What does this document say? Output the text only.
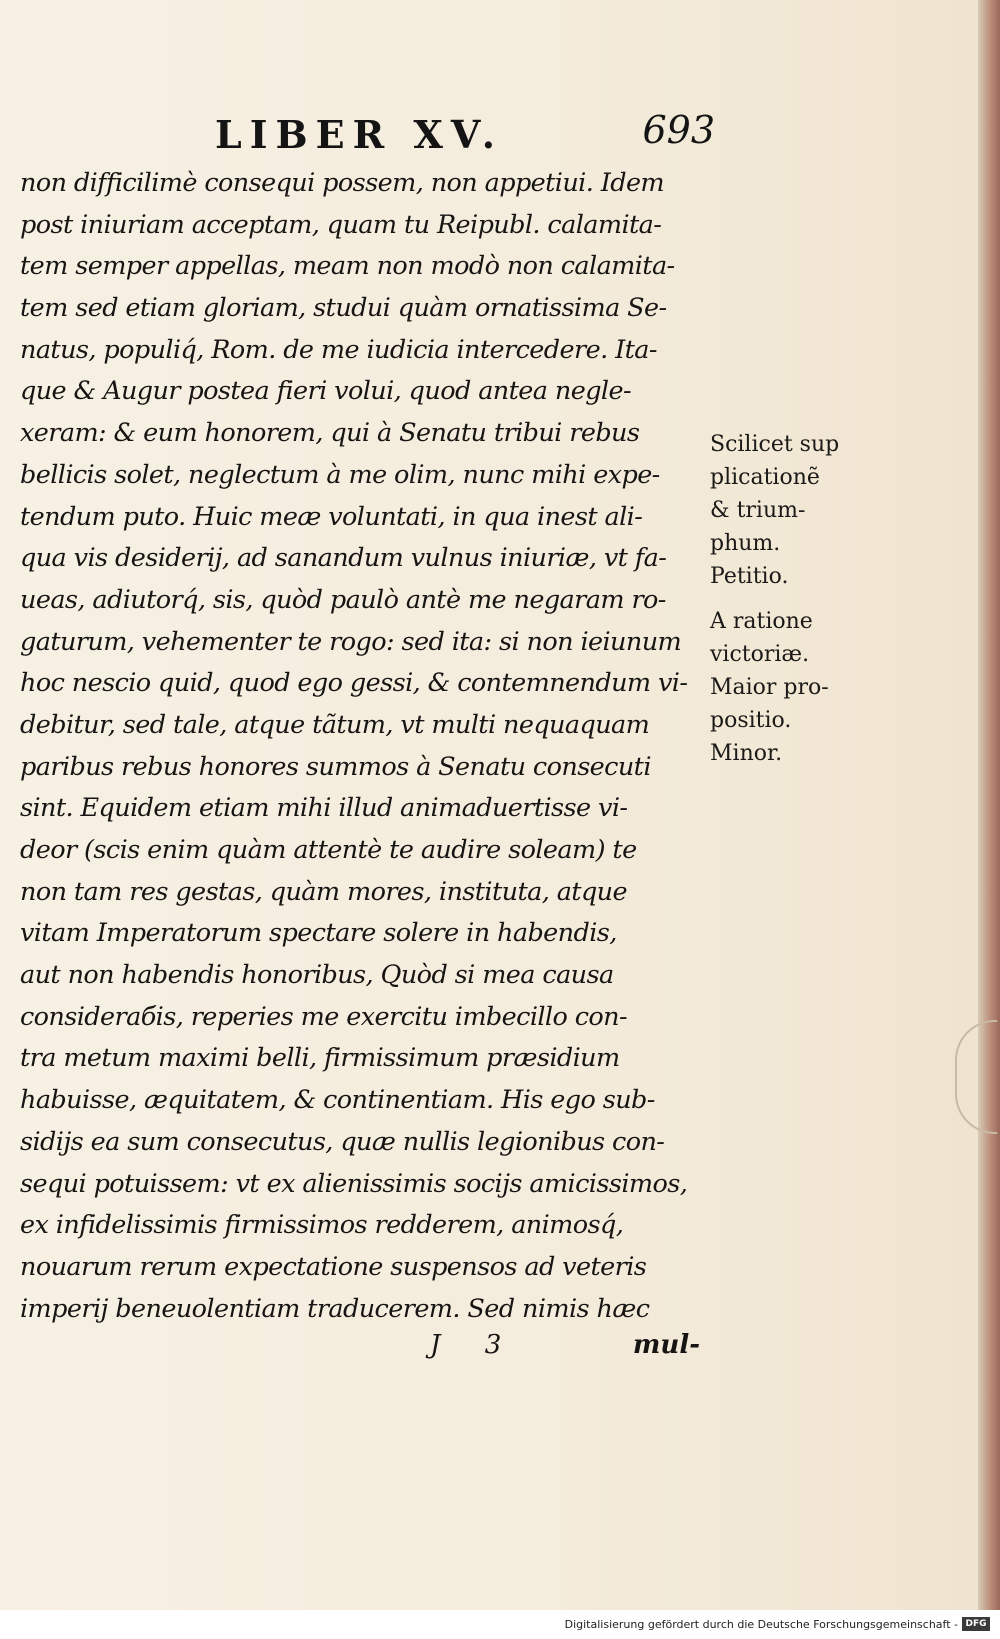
LIBER XV.	693
non difficilimè consequi possem, non appetiui. Idem
post iniuriam acceptam, quam tu Reipubl. calamita-
tem semper appellas, meam non modò non calamita-
tem sed etiam gloriam, studui quàm ornatissima Se-
natus, populiq́, Rom. de me iudicia intercedere. Ita-
que & Augur postea fieri volui, quod antea negle-
xeram: & eum honorem, qui à Senatu tribui rebus
bellicis solet, neglectum à me olim, nunc mihi expe-
tendum puto. Huic meæ voluntati, in qua inest ali-
qua vis desiderij, ad sanandum vulnus iniuriæ, vt fa-
ueas, adiutorq́, sis, quòd paulò antè me negaram ro-
gaturum, vehementer te rogo: sed ita: si non ieiunum
hoc nescio quid, quod ego gessi, & contemnendum vi-
debitur, sed tale, atque tãtum, vt multi nequaquam
paribus rebus honores summos à Senatu consecuti
sint. Equidem etiam mihi illud animaduertisse vi-
deor (scis enim quàm attentè te audire soleam) te
non tam res gestas, quàm mores, instituta, atque
vitam Imperatorum spectare solere in habendis,
aut non habendis honoribus, Quòd si mea causa
consideraбis, reperies me exercitu imbecillo con-
tra metum maximi belli, firmissimum præsidium
habuisse, æquitatem, & continentiam. His ego sub-
sidijs ea sum consecutus, quæ nullis legionibus con-
sequi potuissem: vt ex alienissimis socijs amicissimos,
ex infidelissimis firmissimos redderem, animosq́,
nouarum rerum expectatione suspensos ad veteris
imperij beneuolentiam traducerem. Sed nimis hæc
Scilicet sup
plicationẽ
& trium-
phum.
Petitio.
A ratione
victoriæ.
Maior pro-
positio.
Minor.
J 3	mul-
Digitalisierung gefördert durch die Deutsche Forschungsgemeinschaft - DFG
